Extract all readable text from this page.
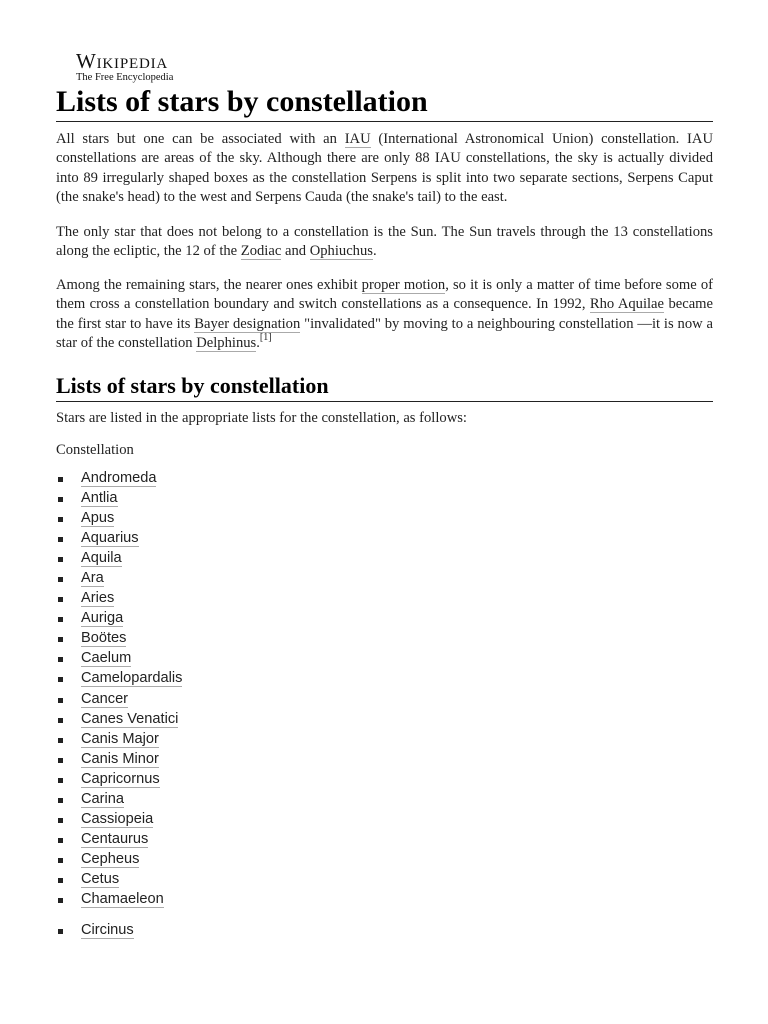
Wikipedia
The Free Encyclopedia
Lists of stars by constellation

All stars but one can be associated with an IAU (International Astronomical Union) constellation. IAU constellations are areas of the sky. Although there are only 88 IAU constellations, the sky is actually divided into 89 irregularly shaped boxes as the constellation Serpens is split into two separate sections, Serpens Caput (the snake's head) to the west and Serpens Cauda (the snake's tail) to the east.

The only star that does not belong to a constellation is the Sun. The Sun travels through the 13 constellations along the ecliptic, the 12 of the Zodiac and Ophiuchus.

Among the remaining stars, the nearer ones exhibit proper motion, so it is only a matter of time before some of them cross a constellation boundary and switch constellations as a consequence. In 1992, Rho Aquilae became the first star to have its Bayer designation "invalidated" by moving to a neighbouring constellation —it is now a star of the constellation Delphinus.[1]

Lists of stars by constellation

Stars are listed in the appropriate lists for the constellation, as follows:

Constellation

Andromeda
Antlia
Apus
Aquarius
Aquila
Ara
Aries
Auriga
Boötes
Caelum
Camelopardalis
Cancer
Canes Venatici
Canis Major
Canis Minor
Capricornus
Carina
Cassiopeia
Centaurus
Cepheus
Cetus
Chamaeleon
Circinus
